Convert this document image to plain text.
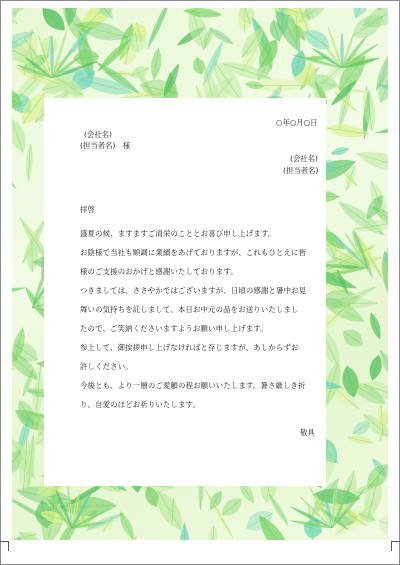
○年○月○日
(会社名)
(担当者名)　様
(会社名)
(担当者名)
拝啓
盛夏の候、ますますご清栄のこととお喜び申し上げます。
お陰様で当社も順調に業績をあげておりますが、これもひとえに皆
様のご支援のおかげと感謝いたしております。
つきましては、ささやかではございますが、日頃の感謝と暑中お見
舞いの気持ちを託しまして、本日お中元の品をお送りいたしまし
たので、ご笑納くださいますようお願い申し上げます。
参上して、御挨拶申し上げなければと存じますが、あしからずお
許しください。
今後とも、より一層のご愛顧の程お願いいたします。暑さ厳しき折
り、自愛のほどお祈りいたします。
敬具
